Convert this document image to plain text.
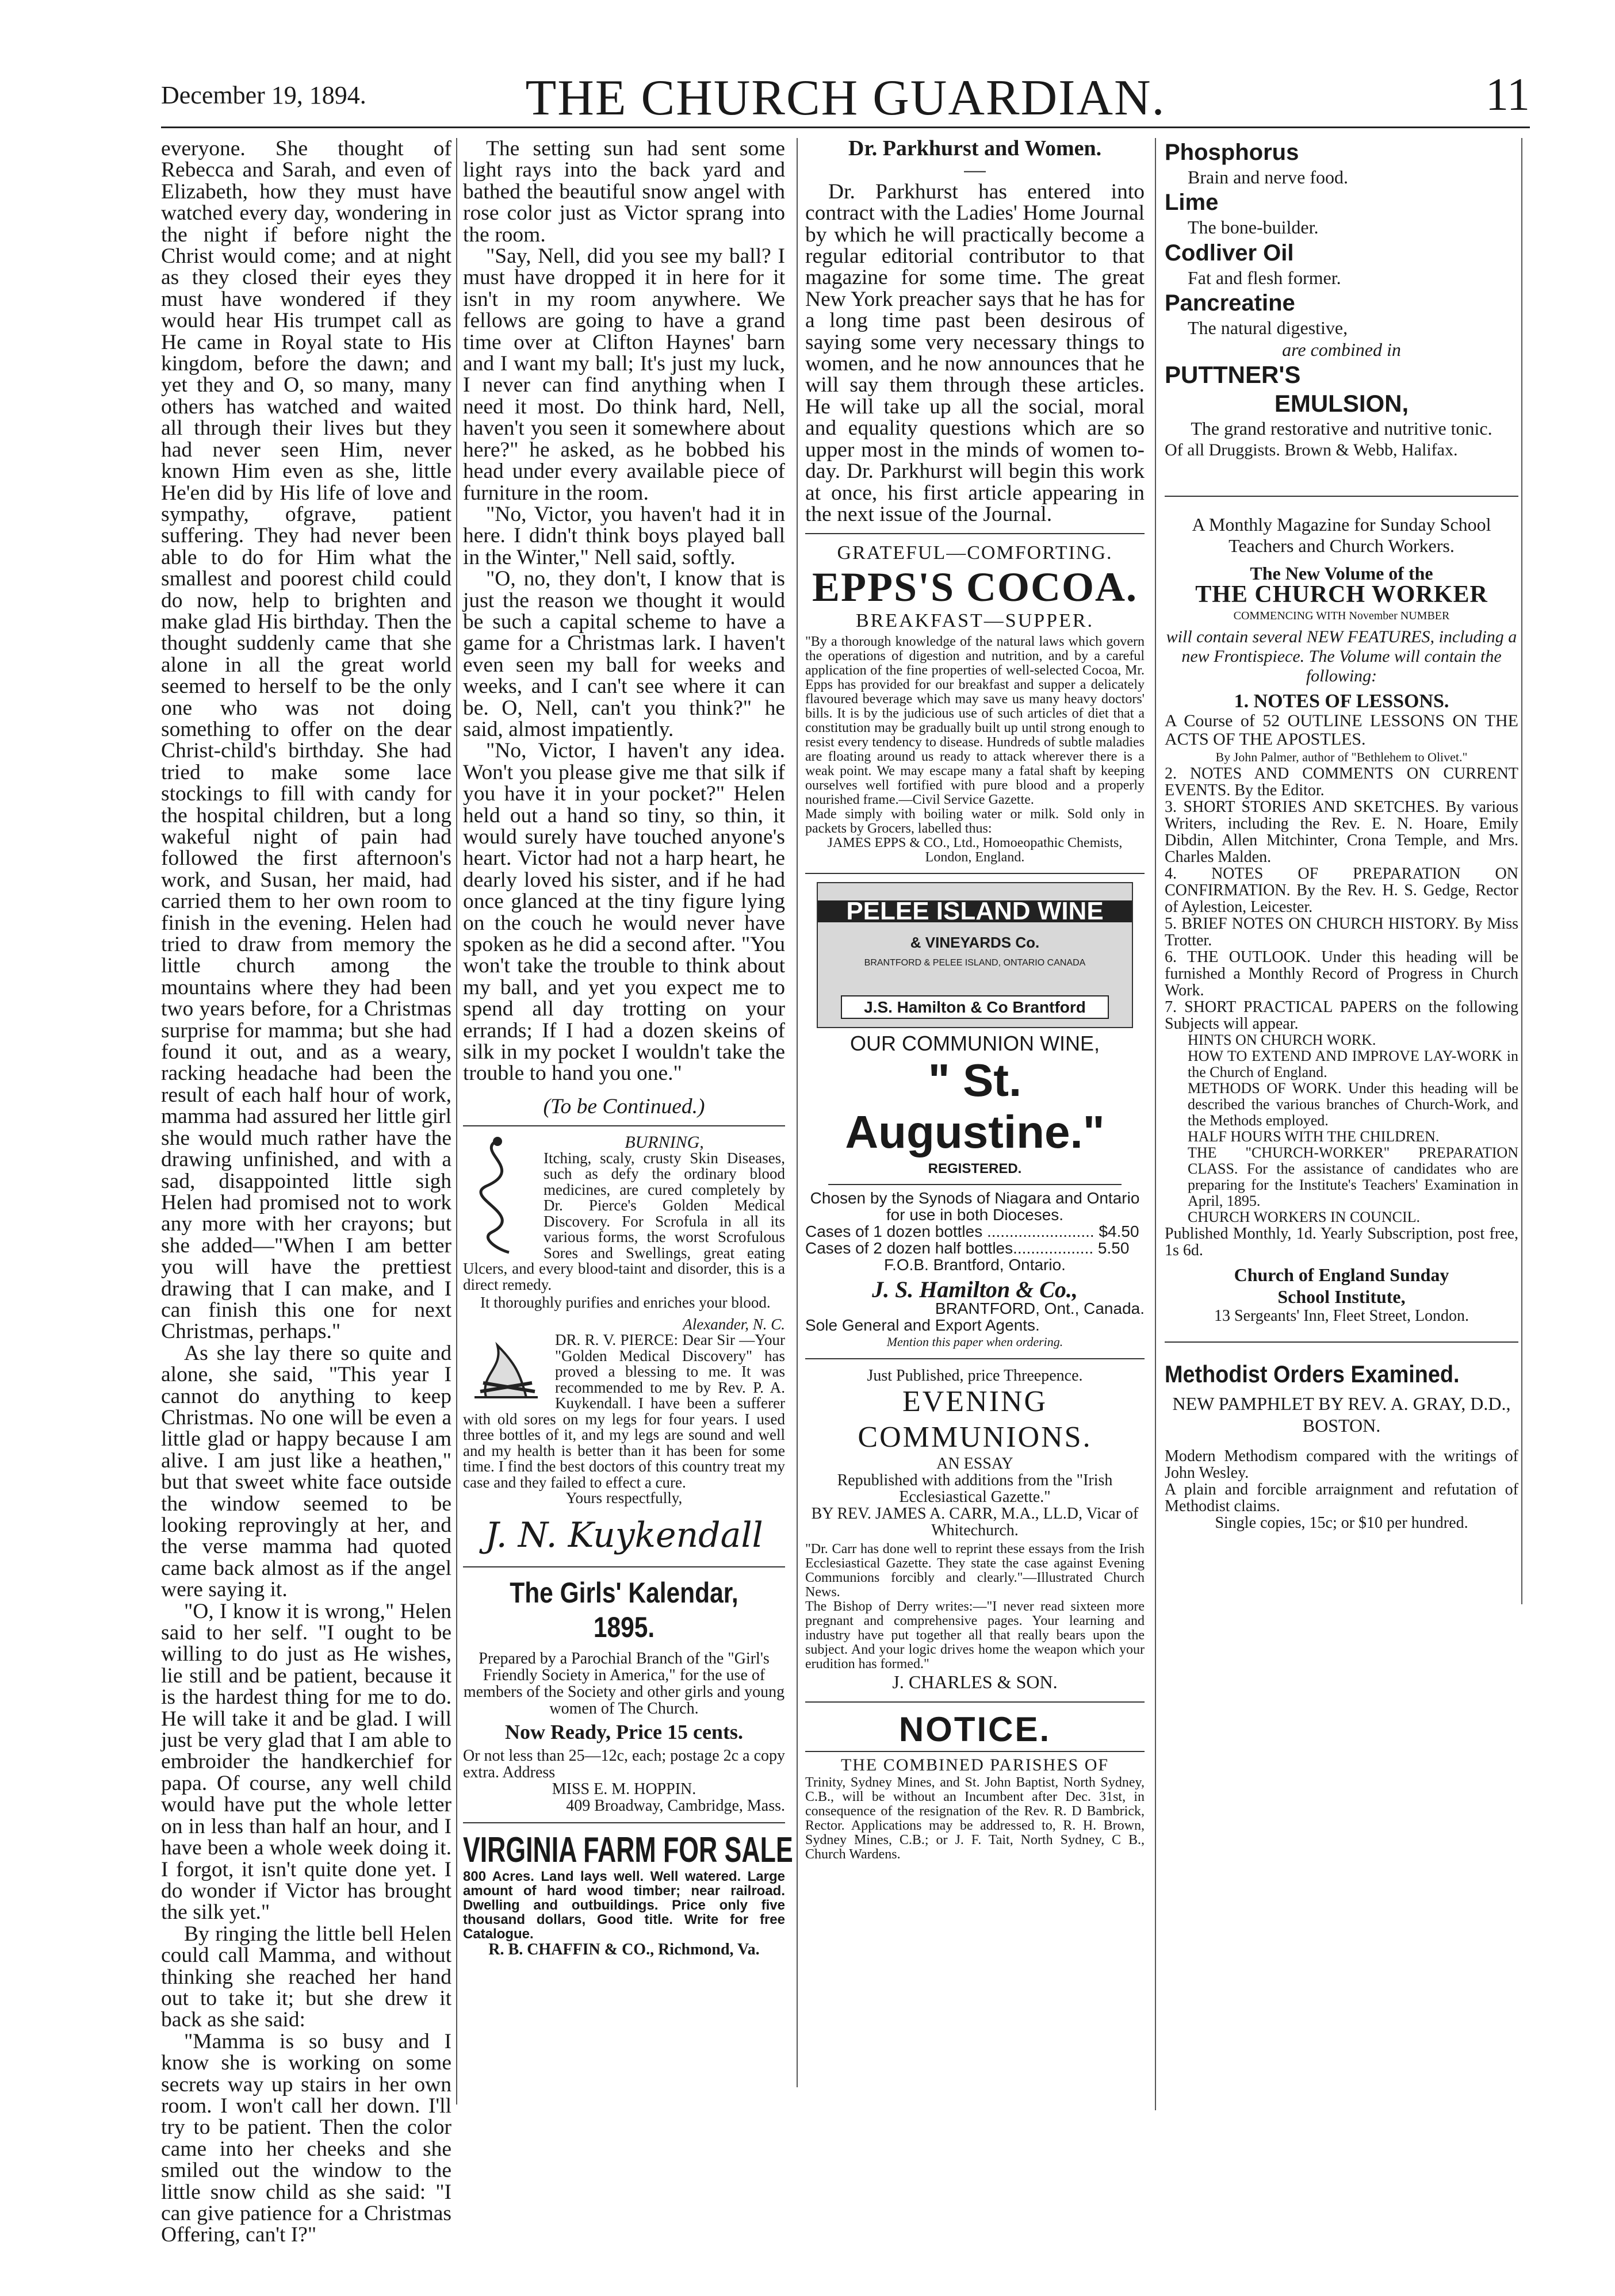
December 19, 1894.	THE CHURCH GUARDIAN.	11

everyone. She thought of Rebecca and Sarah, and even of Elizabeth, how they must have watched every day, wondering in the night if before night the Christ would come; and at night as they closed their eyes they must have wondered if they would hear His trumpet call as He came in Royal state to His kingdom, before the dawn; and yet they and O, so many, many others has watched and waited all through their lives but they had never seen Him, never known Him even as she, little He'en did by His life of love and sympathy, ofgrave, patient suffering. They had never been able to do for Him what the smallest and poorest child could do now, help to brighten and make glad His birthday. Then the thought suddenly came that she alone in all the great world seemed to herself to be the only one who was not doing something to offer on the dear Christ-child's birthday. She had tried to make some lace stockings to fill with candy for the hospital children, but a long wakeful night of pain had followed the first afternoon's work, and Susan, her maid, had carried them to her own room to finish in the evening. Helen had tried to draw from memory the little church among the mountains where they had been two years before, for a Christmas surprise for mamma; but she had found it out, and as a weary, racking headache had been the result of each half hour of work, mamma had assured her little girl she would much rather have the drawing unfinished, and with a sad, disappointed little sigh Helen had promised not to work any more with her crayons; but she added—"When I am better you will have the prettiest drawing that I can make, and I can finish this one for next Christmas, perhaps."

As she lay there so quite and alone, she said, "This year I cannot do anything to keep Christmas. No one will be even a little glad or happy because I am alive. I am just like a heathen," but that sweet white face outside the window seemed to be looking reprovingly at her, and the verse mamma had quoted came back almost as if the angel were saying it.

"O, I know it is wrong," Helen said to her self. "I ought to be willing to do just as He wishes, lie still and be patient, because it is the hardest thing for me to do. He will take it and be glad. I will just be very glad that I am able to embroider the handkerchief for papa. Of course, any well child would have put the whole letter on in less than half an hour, and I have been a whole week doing it. I forgot, it isn't quite done yet. I do wonder if Victor has brought the silk yet."

By ringing the little bell Helen could call Mamma, and without thinking she reached her hand out to take it; but she drew it back as she said:

"Mamma is so busy and I know she is working on some secrets way up stairs in her own room. I won't call her down. I'll try to be patient. Then the color came into her cheeks and she smiled out the window to the little snow child as she said: "I can give patience for a Christmas Offering, can't I?"

The setting sun had sent some light rays into the back yard and bathed the beautiful snow angel with rose color just as Victor sprang into the room.

"Say, Nell, did you see my ball? I must have dropped it in here for it isn't in my room anywhere. We fellows are going to have a grand time over at Clifton Haynes' barn and I want my ball; It's just my luck, I never can find anything when I need it most. Do think hard, Nell, haven't you seen it somewhere about here?" he asked, as he bobbed his head under every available piece of furniture in the room.

"No, Victor, you haven't had it in here. I didn't think boys played ball in the Winter," Nell said, softly.

"O, no, they don't, I know that is just the reason we thought it would be such a capital scheme to have a game for a Christmas lark. I haven't even seen my ball for weeks and weeks, and I can't see where it can be. O, Nell, can't you think?" he said, almost impatiently.

"No, Victor, I haven't any idea. Won't you please give me that silk if you have it in your pocket?" Helen held out a hand so tiny, so thin, it would surely have touched anyone's heart. Victor had not a harp heart, he dearly loved his sister, and if he had once glanced at the tiny figure lying on the couch he would never have spoken as he did a second after. "You won't take the trouble to think about my ball, and yet you expect me to spend all day trotting on your errands; If I had a dozen skeins of silk in my pocket I wouldn't take the trouble to hand you one."

(To be Continued.)
BURNING,
Itching, scaly, crusty Skin Diseases, such as defy the ordinary blood medicines, are cured completely by Dr. Pierce's Golden Medical Discovery. For Scrofula in all its various forms, the worst Scrofulous Sores and Swellings, great eating Ulcers, and every blood-taint and disorder, this is a direct remedy.
It thoroughly purifies and enriches your blood.
Alexander, N. C.
DR. R. V. PIERCE: Dear Sir —Your "Golden Medical Discovery" has proved a blessing to me. It was recommended to me by Rev. P. A. Kuykendall. I have been a sufferer with old sores on my legs for four years. I used three bottles of it, and my legs are sound and well and my health is better than it has been for some time. I find the best doctors of this country treat my case and they failed to effect a cure.
Yours respectfully,
J. N. Kuykendall
The Girls' Kalendar, 1895.
Prepared by a Parochial Branch of the "Girl's Friendly Society in America," for the use of members of the Society and other girls and young women of The Church.
Now Ready, Price 15 cents.
Or not less than 25—12c, each; postage 2c a copy extra. Address
MISS E. M. HOPPIN.
409 Broadway, Cambridge, Mass.
VIRGINIA FARM FOR SALE
800 Acres. Land lays well. Well watered. Large amount of hard wood timber; near railroad. Dwelling and outbuildings. Price only five thousand dollars, Good title. Write for free Catalogue.
R. B. CHAFFIN & CO., Richmond, Va.
Dr. Parkhurst and Women.
—

Dr. Parkhurst has entered into contract with the Ladies' Home Journal by which he will practically become a regular editorial contributor to that magazine for some time. The great New York preacher says that he has for a long time past been desirous of saying some very necessary things to women, and he now announces that he will say them through these articles. He will take up all the social, moral and equality questions which are so upper most in the minds of women to-day. Dr. Parkhurst will begin this work at once, his first article appearing in the next issue of the Journal.

GRATEFUL—COMFORTING.
EPPS'S COCOA.
BREAKFAST—SUPPER.
"By a thorough knowledge of the natural laws which govern the operations of digestion and nutrition, and by a careful application of the fine properties of well-selected Cocoa, Mr. Epps has provided for our breakfast and supper a delicately flavoured beverage which may save us many heavy doctors' bills. It is by the judicious use of such articles of diet that a constitution may be gradually built up until strong enough to resist every tendency to disease. Hundreds of subtle maladies are floating around us ready to attack wherever there is a weak point. We may escape many a fatal shaft by keeping ourselves well fortified with pure blood and a properly nourished frame.—Civil Service Gazette.
Made simply with boiling water or milk. Sold only in packets by Grocers, labelled thus:
JAMES EPPS & CO., Ltd., Homoeopathic Chemists, London, England.
PELEE ISLAND WINE
& VINEYARDS Co.
BRANTFORD & PELEE ISLAND, ONTARIO CANADA
J.S. Hamilton & Co Brantford
OUR COMMUNION WINE,
" St. Augustine."
REGISTERED.
Chosen by the Synods of Niagara and Ontario for use in both Dioceses.
Cases of 1 dozen bottles ........................ $4.50
Cases of 2 dozen half bottles.................. 5.50
F.O.B. Brantford, Ontario.
J. S. Hamilton & Co.,
BRANTFORD, Ont., Canada.
Sole General and Export Agents.
Mention this paper when ordering.
Just Published, price Threepence.
EVENING COMMUNIONS.
AN ESSAY
Republished with additions from the "Irish Ecclesiastical Gazette."
BY REV. JAMES A. CARR, M.A., LL.D, Vicar of Whitechurch.
"Dr. Carr has done well to reprint these essays from the Irish Ecclesiastical Gazette. They state the case against Evening Communions forcibly and clearly."—Illustrated Church News.
The Bishop of Derry writes:—"I never read sixteen more pregnant and comprehensive pages. Your learning and industry have put together all that really bears upon the subject. And your logic drives home the weapon which your erudition has formed."
J. CHARLES & SON.
NOTICE.
THE COMBINED PARISHES OF
Trinity, Sydney Mines, and St. John Baptist, North Sydney, C.B., will be without an Incumbent after Dec. 31st, in consequence of the resignation of the Rev. R. D Bambrick, Rector. Applications may be addressed to, R. H. Brown, Sydney Mines, C.B.; or J. F. Tait, North Sydney, C B., Church Wardens.
Phosphorus
Brain and nerve food.
Lime
The bone-builder.
Codliver Oil
Fat and flesh former.
Pancreatine
The natural digestive,
are combined in
PUTTNER'S
EMULSION,
The grand restorative and nutritive tonic.
Of all Druggists. Brown & Webb, Halifax.
A Monthly Magazine for Sunday School Teachers and Church Workers.
The New Volume of the
THE CHURCH WORKER
COMMENCING WITH November NUMBER
will contain several NEW FEATURES, including a new Frontispiece. The Volume will contain the following:
1. NOTES OF LESSONS.
A Course of 52 OUTLINE LESSONS ON THE ACTS OF THE APOSTLES.
By John Palmer, author of "Bethlehem to Olivet."
2. NOTES AND COMMENTS ON CURRENT EVENTS. By the Editor.
3. SHORT STORIES AND SKETCHES. By various Writers, including the Rev. E. N. Hoare, Emily Dibdin, Allen Mitchinter, Crona Temple, and Mrs. Charles Malden.
4. NOTES OF PREPARATION ON CONFIRMATION. By the Rev. H. S. Gedge, Rector of Aylestion, Leicester.
5. BRIEF NOTES ON CHURCH HISTORY. By Miss Trotter.
6. THE OUTLOOK. Under this heading will be furnished a Monthly Record of Progress in Church Work.
7. SHORT PRACTICAL PAPERS on the following Subjects will appear.
HINTS ON CHURCH WORK.
HOW TO EXTEND AND IMPROVE LAY-WORK in the Church of England.
METHODS OF WORK. Under this heading will be described the various branches of Church-Work, and the Methods employed.
HALF HOURS WITH THE CHILDREN.
THE "CHURCH-WORKER" PREPARATION CLASS. For the assistance of candidates who are preparing for the Institute's Teachers' Examination in April, 1895.
CHURCH WORKERS IN COUNCIL.
Published Monthly, 1d. Yearly Subscription, post free, 1s 6d.
Church of England Sunday
School Institute,
13 Sergeants' Inn, Fleet Street, London.
Methodist Orders Examined.
NEW PAMPHLET BY REV. A. GRAY, D.D., BOSTON.
Modern Methodism compared with the writings of John Wesley.
A plain and forcible arraignment and refutation of Methodist claims.
Single copies, 15c; or $10 per hundred.
